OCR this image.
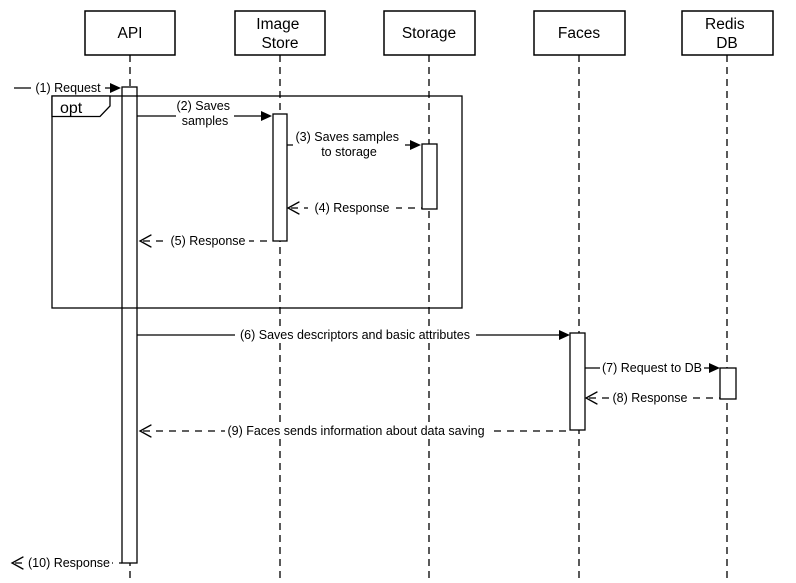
API
Image Store
Storage	Faces
Redis DB
opt
(1) Request
(2) Saves samples
(3) Saves samples to storage
(4) Response
(5) Response
(6) Saves descriptors and basic attributes
(7) Request to DB
(8) Response
(9) Faces sends information about data saving
(10) Response
